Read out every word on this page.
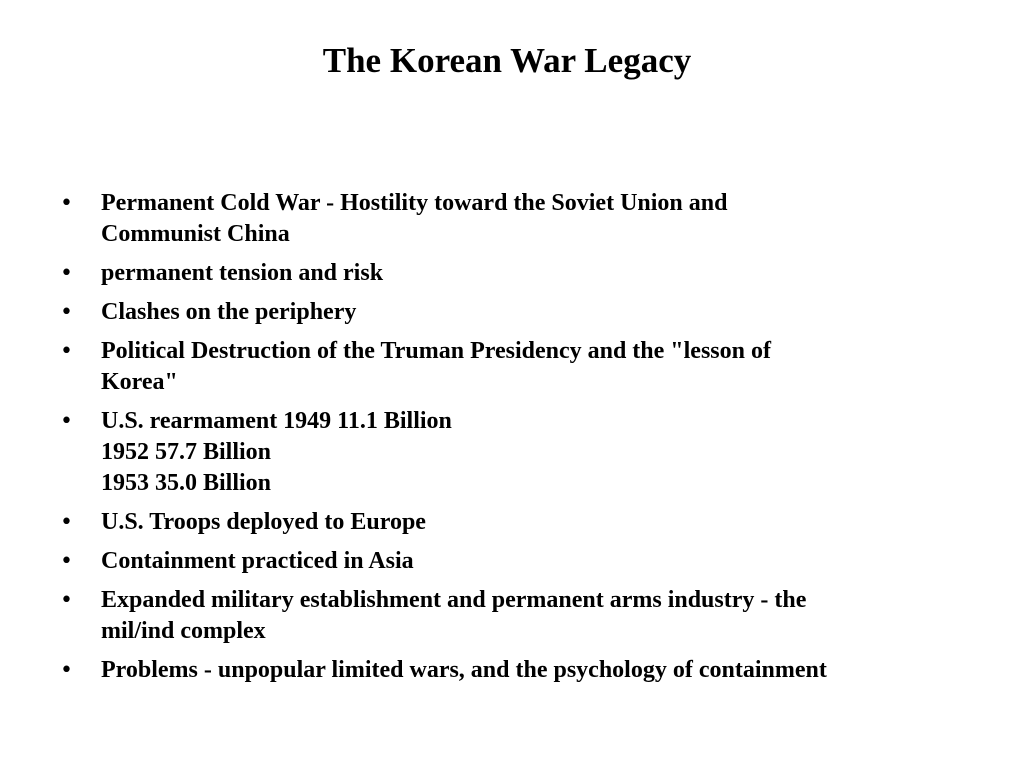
The Korean War Legacy
• Permanent Cold War - Hostility toward the Soviet Union and
Communist China
• permanent tension and risk
• Clashes on the periphery
• Political Destruction of the Truman Presidency and the "lesson of
Korea"
• U.S. rearmament 1949 11.1 Billion
1952 57.7 Billion
1953 35.0 Billion
• U.S. Troops deployed to Europe
• Containment practiced in Asia
• Expanded military establishment and permanent arms industry - the
mil/ind complex
• Problems - unpopular limited wars, and the psychology of containment
